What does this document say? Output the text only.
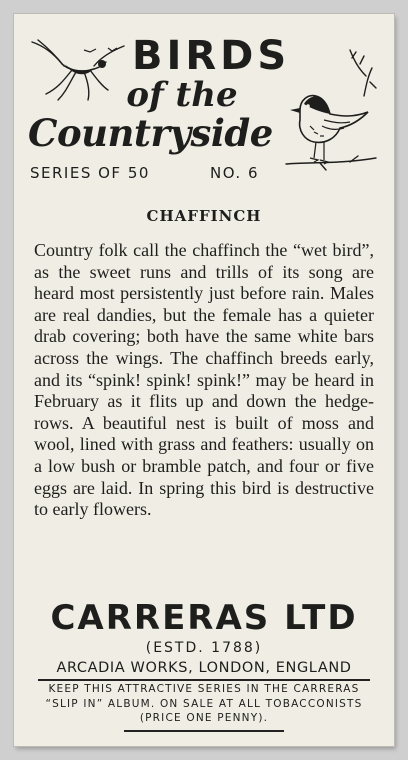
BIRDS
of the
Countryside
SERIES OF 50	NO. 6
CHAFFINCH
Country folk call the chaffinch the “wet bird”, as the sweet runs and trills of its song are heard most persistently just before rain. Males are real dandies, but the female has a quieter drab covering; both have the same white bars across the wings. The chaffinch breeds early, and its “spink! spink! spink!” may be heard in February as it flits up and down the hedge-rows. A beautiful nest is built of moss and wool, lined with grass and feathers: usually on a low bush or bramble patch, and four or five eggs are laid. In spring this bird is destructive to early flowers.
CARRERAS LTD
(ESTD. 1788)
ARCADIA WORKS, LONDON, ENGLAND
KEEP THIS ATTRACTIVE SERIES IN THE CARRERAS “SLIP IN” ALBUM. ON SALE AT ALL TOBACCONISTS (PRICE ONE PENNY).
